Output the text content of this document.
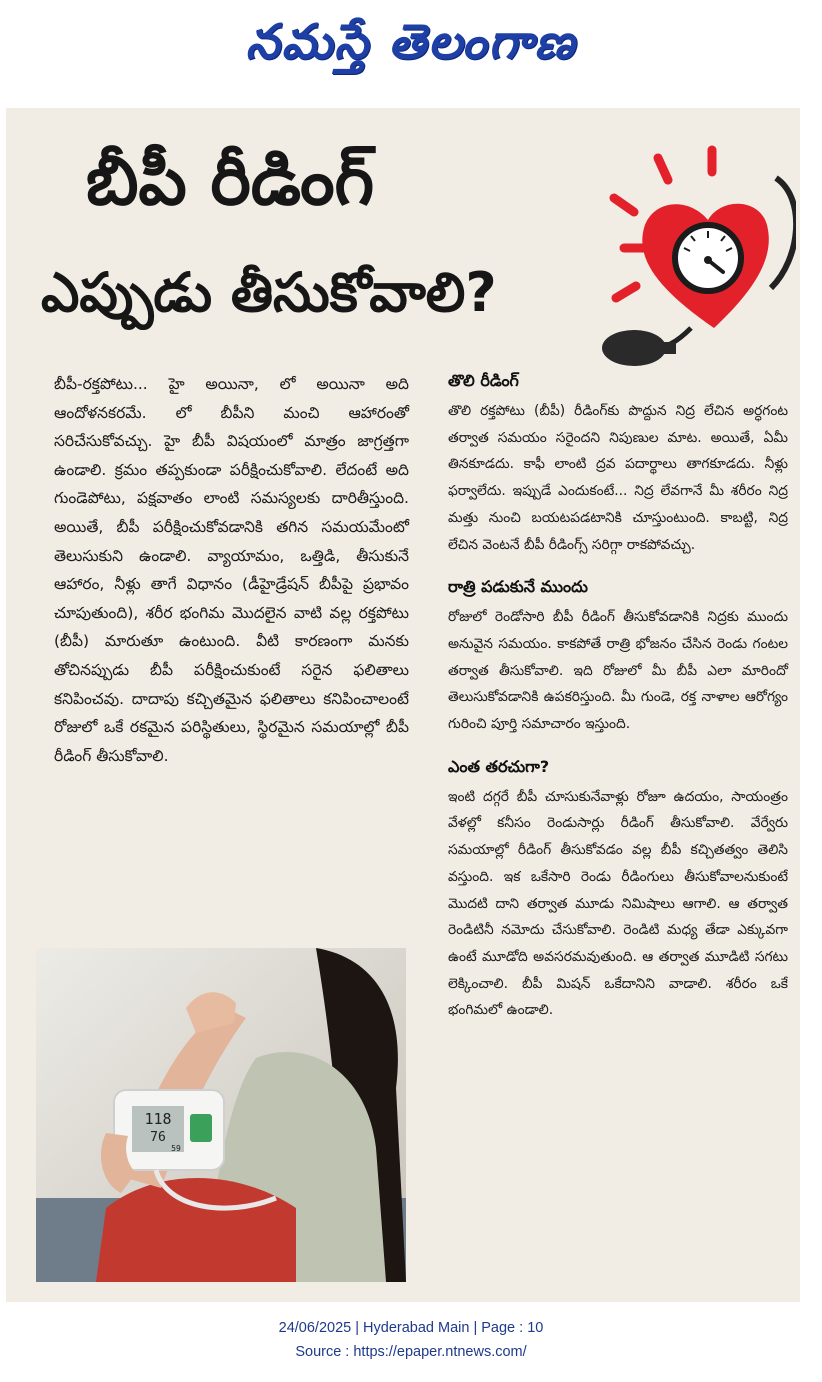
నమస్తే తెలంగాణ
బీపీ రీడింగ్
ఎప్పుడు తీసుకోవాలి?

బీపీ-రక్తపోటు... హై అయినా, లో అయినా అది ఆందోళనకరమే. లో బీపీని మంచి ఆహారంతో సరిచేసుకోవచ్చు. హై బీపీ విషయంలో మాత్రం జాగ్రత్తగా ఉండాలి. క్రమం తప్పకుండా పరీక్షించుకోవాలి. లేదంటే అది గుండెపోటు, పక్షవాతం లాంటి సమస్యలకు దారితీస్తుంది. అయితే, బీపీ పరీక్షించుకోవడానికి తగిన సమయమేంటో తెలుసుకుని ఉండాలి. వ్యాయామం, ఒత్తిడి, తీసుకునే ఆహారం, నీళ్లు తాగే విధానం (డీహైడ్రేషన్ బీపీపై ప్రభావం చూపుతుంది), శరీర భంగిమ మొదలైన వాటి వల్ల రక్తపోటు (బీపీ) మారుతూ ఉంటుంది. వీటి కారణంగా మనకు తోచినప్పుడు బీపీ పరీక్షించుకుంటే సరైన ఫలితాలు కనిపించవు. దాదాపు కచ్చితమైన ఫలితాలు కనిపించాలంటే రోజులో ఒకే రకమైన పరిస్థితులు, స్థిరమైన సమయాల్లో బీపీ రీడింగ్ తీసుకోవాలి.

118
76
59
తొలి రీడింగ్

తొలి రక్తపోటు (బీపీ) రీడింగ్‌కు పొద్దున నిద్ర లేచిన అర్ధగంట తర్వాత సమయం సరైందని నిపుణుల మాట. అయితే, ఏమీ తినకూడదు. కాఫీ లాంటి ద్రవ పదార్థాలు తాగకూడదు. నీళ్లు ఫర్వాలేదు. ఇప్పుడే ఎందుకంటే... నిద్ర లేవగానే మీ శరీరం నిద్ర మత్తు నుంచి బయటపడటానికి చూస్తుంటుంది. కాబట్టి, నిద్ర లేచిన వెంటనే బీపీ రీడింగ్స్ సరిగ్గా రాకపోవచ్చు.

రాత్రి పడుకునే ముందు

రోజులో రెండోసారి బీపీ రీడింగ్ తీసుకోవడానికి నిద్రకు ముందు అనువైన సమయం. కాకపోతే రాత్రి భోజనం చేసిన రెండు గంటల తర్వాత తీసుకోవాలి. ఇది రోజులో మీ బీపీ ఎలా మారిందో తెలుసుకోవడానికి ఉపకరిస్తుంది. మీ గుండె, రక్త నాళాల ఆరోగ్యం గురించి పూర్తి సమాచారం ఇస్తుంది.

ఎంత తరచుగా?

ఇంటి దగ్గరే బీపీ చూసుకునేవాళ్లు రోజూ ఉదయం, సాయంత్రం వేళల్లో కనీసం రెండుసార్లు రీడింగ్ తీసుకోవాలి. వేర్వేరు సమయాల్లో రీడింగ్ తీసుకోవడం వల్ల బీపీ కచ్చితత్వం తెలిసి వస్తుంది. ఇక ఒకేసారి రెండు రీడింగులు తీసుకోవాలనుకుంటే మొదటి దాని తర్వాత మూడు నిమిషాలు ఆగాలి. ఆ తర్వాత రెండిటినీ నమోదు చేసుకోవాలి. రెండిటి మధ్య తేడా ఎక్కువగా ఉంటే మూడోది అవసరమవుతుంది. ఆ తర్వాత మూడిటి సగటు లెక్కించాలి. బీపీ మిషన్ ఒకేదానిని వాడాలి. శరీరం ఒకే భంగిమలో ఉండాలి.

24/06/2025 | Hyderabad Main | Page : 10
Source : https://epaper.ntnews.com/
